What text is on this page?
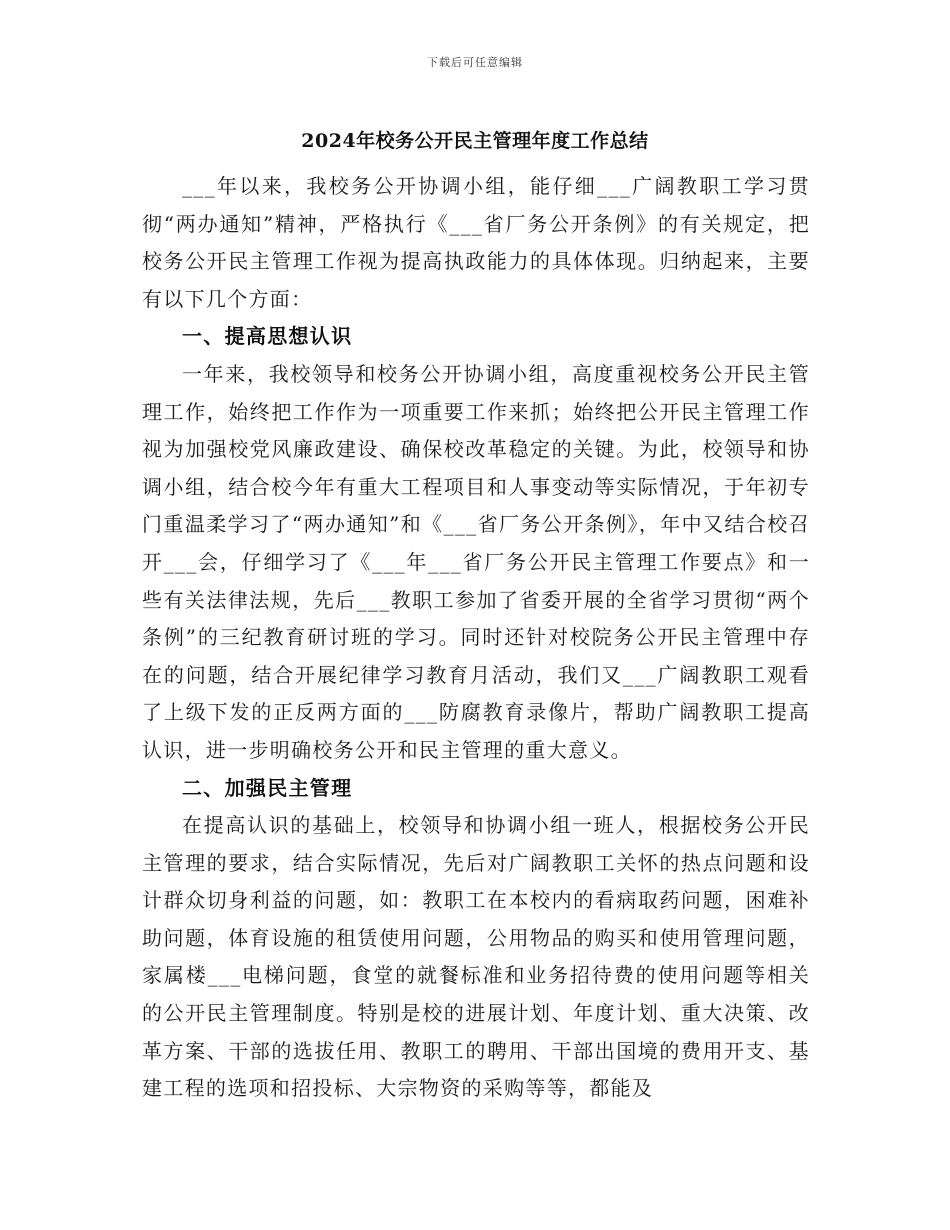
下载后可任意编辑
2024年校务公开民主管理年度工作总结

___年以来，我校务公开协调小组，能仔细___广阔教职工学习贯彻“两办通知”精神，严格执行《___省厂务公开条例》的有关规定，把校务公开民主管理工作视为提高执政能力的具体体现。归纳起来，主要有以下几个方面：

一、提高思想认识

一年来，我校领导和校务公开协调小组，高度重视校务公开民主管理工作，始终把工作作为一项重要工作来抓；始终把公开民主管理工作视为加强校党风廉政建设、确保校改革稳定的关键。为此，校领导和协调小组，结合校今年有重大工程项目和人事变动等实际情况，于年初专门重温柔学习了“两办通知”和《___省厂务公开条例》，年中又结合校召开___会，仔细学习了《___年___省厂务公开民主管理工作要点》和一些有关法律法规，先后___教职工参加了省委开展的全省学习贯彻“两个条例”的三纪教育研讨班的学习。同时还针对校院务公开民主管理中存在的问题，结合开展纪律学习教育月活动，我们又___广阔教职工观看了上级下发的正反两方面的___防腐教育录像片，帮助广阔教职工提高认识，进一步明确校务公开和民主管理的重大意义。

二、加强民主管理

在提高认识的基础上，校领导和协调小组一班人，根据校务公开民主管理的要求，结合实际情况，先后对广阔教职工关怀的热点问题和设计群众切身利益的问题，如：教职工在本校内的看病取药问题，困难补助问题，体育设施的租赁使用问题，公用物品的购买和使用管理问题，家属楼___电梯问题，食堂的就餐标准和业务招待费的使用问题等相关的公开民主管理制度。特别是校的进展计划、年度计划、重大决策、改革方案、干部的选拔任用、教职工的聘用、干部出国境的费用开支、基建工程的选项和招投标、大宗物资的采购等等，都能及
